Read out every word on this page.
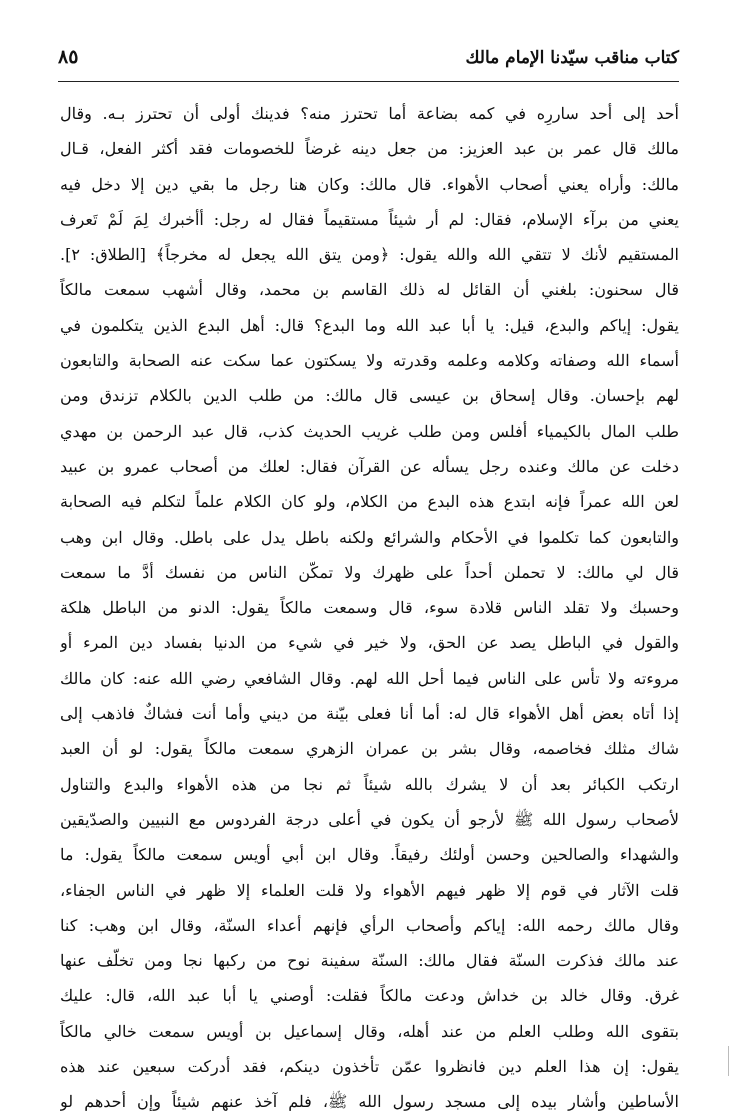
كتاب مناقب سيّدنا الإمام مالك
٨٥
أحد إلى أحد ساررِه في كمه بضاعة أما تحترز منه؟ فدينك أولى أن تحترز بـه. وقال
مالك قال عمر بن عبد العزيز: من جعل دينه غرضاً للخصومات فقد أكثر الفعل، قـال
مالك: وأراه يعني أصحاب الأهواء. قال مالك: وكان هنا رجل ما بقي دين إلا دخل فيه
يعني من برآء الإسلام، فقال: لم أر شيئاً مستقيماً فقال له رجل: أأخبرك لِمَ لَمْ تَعرف
المستقيم لأنك لا تتقي الله والله يقول: ﴿ومن يتق الله يجعل له مخرجاً﴾ [الطلاق: ٢].
قال سحنون: بلغني أن القائل له ذلك القاسم بن محمد، وقال أشهب سمعت مالكاً
يقول: إياكم والبدع، قيل: يا أبا عبد الله وما البدع؟ قال: أهل البدع الذين يتكلمون في
أسماء الله وصفاته وكلامه وعلمه وقدرته ولا يسكتون عما سكت عنه الصحابة والتابعون
لهم بإحسان. وقال إسحاق بن عيسى قال مالك: من طلب الدين بالكلام تزندق ومن
طلب المال بالكيمياء أفلس ومن طلب غريب الحديث كذب، قال عبد الرحمن بن مهدي
دخلت عن مالك وعنده رجل يسأله عن القرآن فقال: لعلك من أصحاب عمرو بن عبيد
لعن الله عمراً فإنه ابتدع هذه البدع من الكلام، ولو كان الكلام علماً لتكلم فيه الصحابة
والتابعون كما تكلموا في الأحكام والشرائع ولكنه باطل يدل على باطل. وقال ابن وهب
قال لي مالك: لا تحملن أحداً على ظهرك ولا تمكّن الناس من نفسك أدَّ ما سمعت
وحسبك ولا تقلد الناس قلادة سوء، قال وسمعت مالكاً يقول: الدنو من الباطل هلكة
والقول في الباطل يصد عن الحق، ولا خير في شيء من الدنيا بفساد دين المرء أو
مروءته ولا تأس على الناس فيما أحل الله لهم. وقال الشافعي رضي الله عنه: كان مالك
إذا أتاه بعض أهل الأهواء قال له: أما أنا فعلى بيّنة من ديني وأما أنت فشاكٌ فاذهب إلى
شاك مثلك فخاصمه، وقال بشر بن عمران الزهري سمعت مالكاً يقول: لو أن العبد
ارتكب الكبائر بعد أن لا يشرك بالله شيئاً ثم نجا من هذه الأهواء والبدع والتناول
لأصحاب رسول الله ﷺ لأرجو أن يكون في أعلى درجة الفردوس مع النبيين والصدّيقين
والشهداء والصالحين وحسن أولئك رفيقاً. وقال ابن أبي أويس سمعت مالكاً يقول: ما
قلت الآثار في قوم إلا ظهر فيهم الأهواء ولا قلت العلماء إلا ظهر في الناس الجفاء،
وقال مالك رحمه الله: إياكم وأصحاب الرأي فإنهم أعداء السنّة، وقال ابن وهب: كنا
عند مالك فذكرت السنّة فقال مالك: السنّة سفينة نوح من ركبها نجا ومن تخلّف عنها
غرق. وقال خالد بن خداش ودعت مالكاً فقلت: أوصني يا أبا عبد الله، قال: عليك
بتقوى الله وطلب العلم من عند أهله، وقال إسماعيل بن أويس سمعت خالي مالكاً
يقول: إن هذا العلم دين فانظروا عمّن تأخذون دينكم، فقد أدركت سبعين عند هذه
الأساطين وأشار بيده إلى مسجد رسول الله ﷺ، فلم آخذ عنهم شيئاً وإن أحدهم لو
